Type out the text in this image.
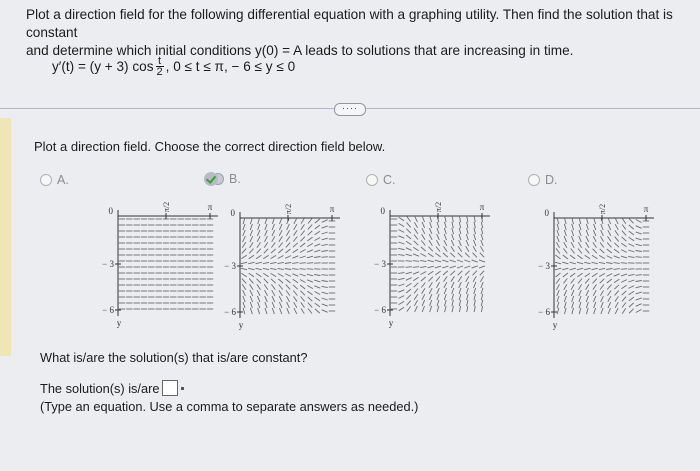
Plot a direction field for the following differential equation with a graphing utility. Then find the solution that is constant
and determine which initial conditions y(0) = A leads to solutions that are increasing in time.
y′(t) = (y + 3) $\cos \frac{t}{2}$ , 0 ≤ t ≤ π, − 6 ≤ y ≤ 0
····
Plot a direction field. Choose the correct direction field below.
A.	B.	C.	D.
0
− 3
− 6
y
π/2	π
0
− 3
− 6
y
π/2	π	0
− 3
− 6
y
π/2	π
0
− 3
− 6
y
π/2	π
What is/are the solution(s) that is/are constant?
The solution(s) is/are
(Type an equation. Use a comma to separate answers as needed.)
